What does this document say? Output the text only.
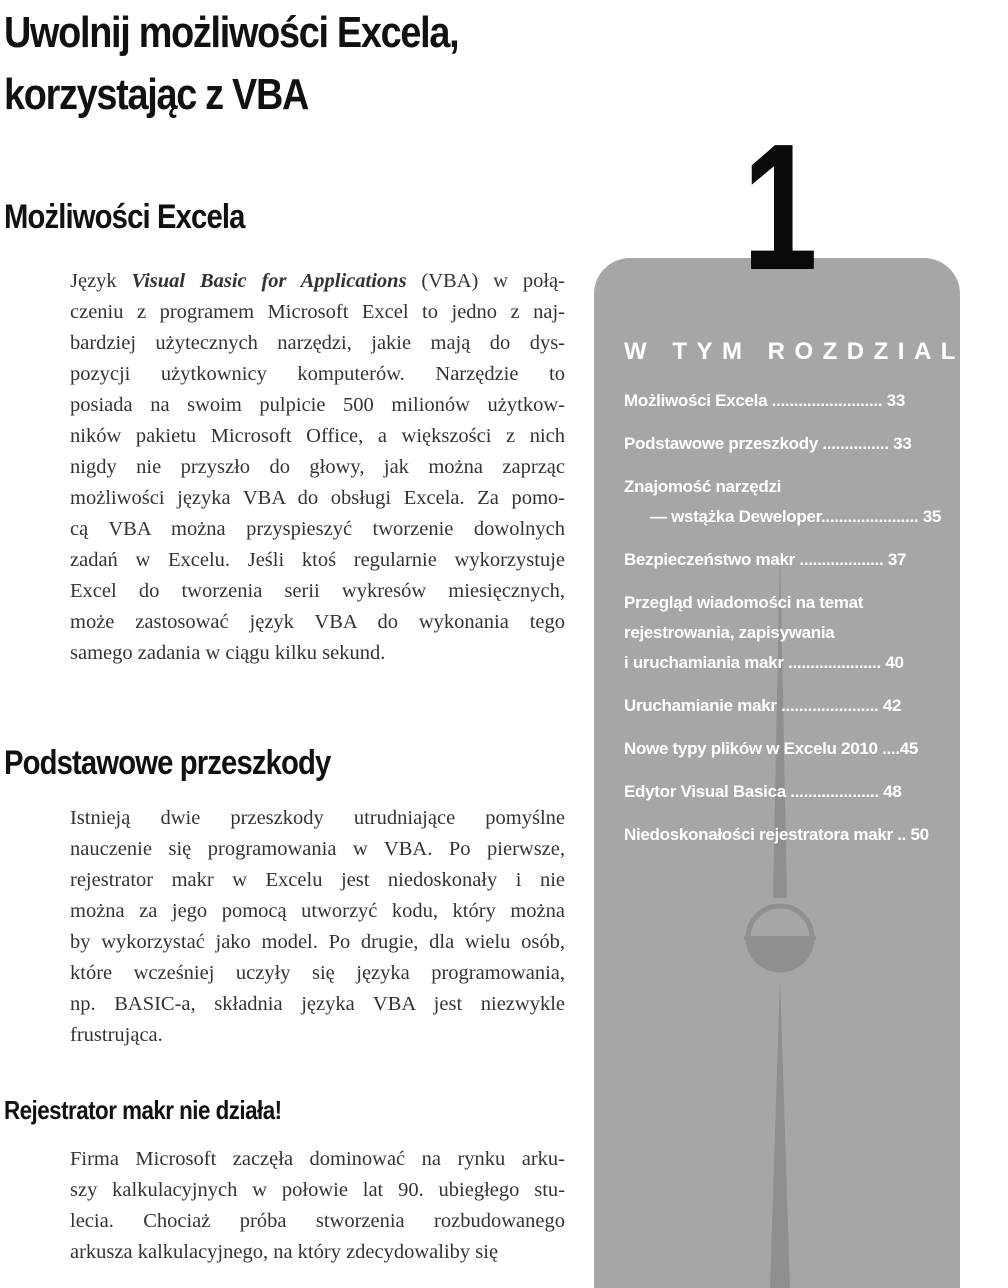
Uwolnij możliwości Excela,
korzystając z VBA
Możliwości Excela
Język Visual Basic for Applications (VBA) w połą-
czeniu z programem Microsoft Excel to jedno z naj-
bardziej użytecznych narzędzi, jakie mają do dys-
pozycji użytkownicy komputerów. Narzędzie to
posiada na swoim pulpicie 500 milionów użytkow-
ników pakietu Microsoft Office, a większości z nich
nigdy nie przyszło do głowy, jak można zaprząc
możliwości języka VBA do obsługi Excela. Za pomo-
cą VBA można przyspieszyć tworzenie dowolnych
zadań w Excelu. Jeśli ktoś regularnie wykorzystuje
Excel do tworzenia serii wykresów miesięcznych,
może zastosować język VBA do wykonania tego
samego zadania w ciągu kilku sekund.
Podstawowe przeszkody
Istnieją dwie przeszkody utrudniające pomyślne
nauczenie się programowania w VBA. Po pierwsze,
rejestrator makr w Excelu jest niedoskonały i nie
można za jego pomocą utworzyć kodu, który można
by wykorzystać jako model. Po drugie, dla wielu osób,
które wcześniej uczyły się języka programowania,
np. BASIC-a, składnia języka VBA jest niezwykle
frustrująca.
Rejestrator makr nie działa!
Firma Microsoft zaczęła dominować na rynku arku-
szy kalkulacyjnych w połowie lat 90. ubiegłego stu-
lecia. Chociaż próba stworzenia rozbudowanego
arkusza kalkulacyjnego, na który zdecydowaliby się
1
W TYM ROZDZIALE:
Możliwości Excela ......................... 33
Podstawowe przeszkody ............... 33
Znajomość narzędzi
— wstążka Deweloper...................... 35
Bezpieczeństwo makr ................... 37
Przegląd wiadomości na temat
rejestrowania, zapisywania
i uruchamiania makr ..................... 40
Uruchamianie makr ...................... 42
Nowe typy plików w Excelu 2010 ....45
Edytor Visual Basica .................... 48
Niedoskonałości rejestratora makr .. 50
